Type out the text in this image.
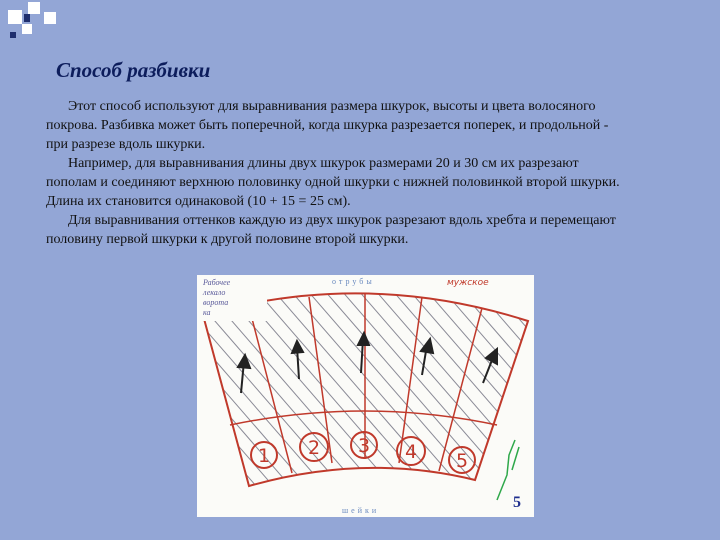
Способ разбивки

Этот способ используют для выравнивания размера шкурок, высоты и цвета волосяного покрова. Разбивка может быть поперечной, когда шкурка разрезается поперек, и продольной - при разрезе вдоль шкурки.

Например, для выравнивания длины двух шкурок размерами 20 и 30 см их разрезают пополам и соединяют верхнюю половинку одной шкурки с нижней половинкой второй шкурки. Длина их становится одинаковой (10 + 15 = 25 см).

Для выравнивания оттенков каждую из двух шкурок разрезают вдоль хребта и перемещают половину первой шкурки к другой половине второй шкурки.

1 2 3 4 5
Рабочее
лекало
ворота
ка
мужское
отрубы
шейки	5
